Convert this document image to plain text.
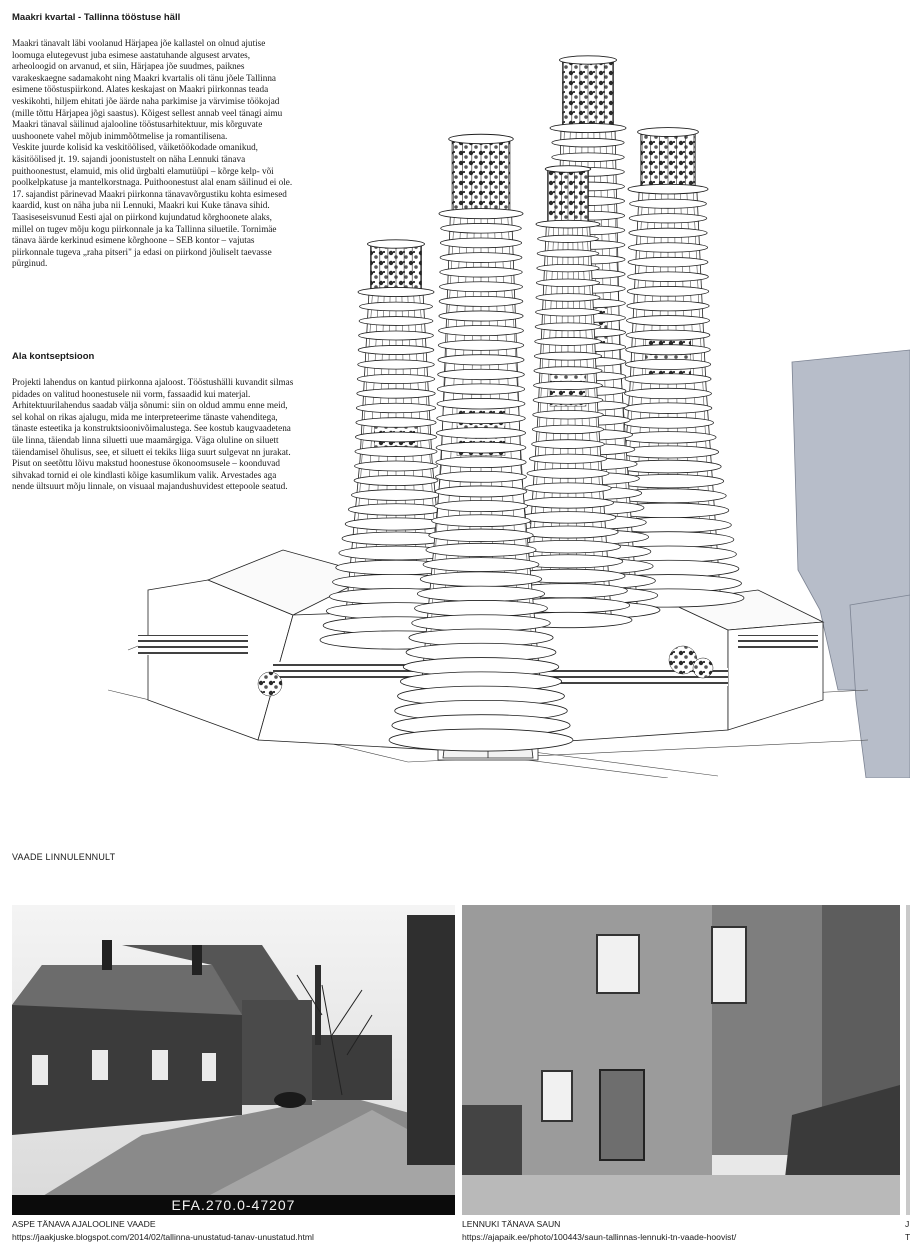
Maakri kvartal - Tallinna tööstuse häll

Maakri tänavalt läbi voolanud Härjapea jõe kallastel on olnud ajutise loomuga elutegevust juba esimese aastatuhande algusest arvates, arheoloogid on arvanud, et siin, Härjapea jõe suudmes, paiknes varakeskaegne sadamakoht ning Maakri kvartalis oli tänu jõele Tallinna esimene tööstuspiirkond. Alates keskajast on Maakri piirkonnas teada veskikohti, hiljem ehitati jõe äärde naha parkimise ja värvimise töökojad (mille tõttu Härjapea jõgi saastus). Kõigest sellest annab veel tänagi aimu Maakri tänaval säilinud ajalooline tööstusarhitektuur, mis kõrguvate uushoonete vahel mõjub inimmõõtmelise ja romantilisena.

Veskite juurde kolisid ka veskitöölised, väiketöökodade omanikud, käsitöölised jt. 19. sajandi joonistustelt on näha Lennuki tänava puithoonestust, elamuid, mis olid ürgbalti elamutüüpi – kõrge kelp- või poolkelpkatuse ja mantelkorstnaga. Puithoonestust alal enam säilinud ei ole.

17. sajandist pärinevad Maakri piirkonna tänavavõrgustiku kohta esimesed kaardid, kust on näha juba nii Lennuki, Maakri kui Kuke tänava sihid.

Taasiseseisvunud Eesti ajal on piirkond kujundatud kõrghoonete alaks, millel on tugev mõju kogu piirkonnale ja ka Tallinna siluetile. Tornimäe tänava äärde kerkinud esimene kõrghoone – SEB kontor – vajutas piirkonnale tugeva „raha pitseri" ja edasi on piirkond jõuliselt taevasse pürginud.

Ala kontseptsioon

Projekti lahendus on kantud piirkonna ajaloost. Tööstushälli kuvandit silmas pidades on valitud hoonestusele nii vorm, fassaadid kui materjal. Arhitektuurilahendus saadab välja sõnumi: siin on oldud ammu enne meid, sel kohal on rikas ajalugu, mida me interpreteerime tänaste vahenditega, tänaste esteetika ja konstruktsioonivõimalustega. See kostub kaugvaadetena üle linna, täiendab linna siluetti uue maamärgiga. Väga oluline on siluett täiendamisel õhulisus, see, et siluett ei tekiks liiga suurt sulgevat nn jurakat. Pisut on seetõttu lõivu makstud hoonestuse ökonoomsusele – koonduvad sihvakad tornid ei ole kindlasti kõige kasumlikum valik. Arvestades aga nende ültsuurt mõju linnale, on visuaal majandushuvidest ettepoole seatud.

VAADE LINNULENNULT
EFA.270.0-47207
ASPE TÄNAVA AJALOOLINE VAADE
https://jaakjuske.blogspot.com/2014/02/tallinna-unustatud-tanav-unustatud.html
LENNUKI TÄNAVA SAUN
https://ajapaik.ee/photo/100443/saun-tallinnas-lennuki-tn-vaade-hoovist/
J
T
